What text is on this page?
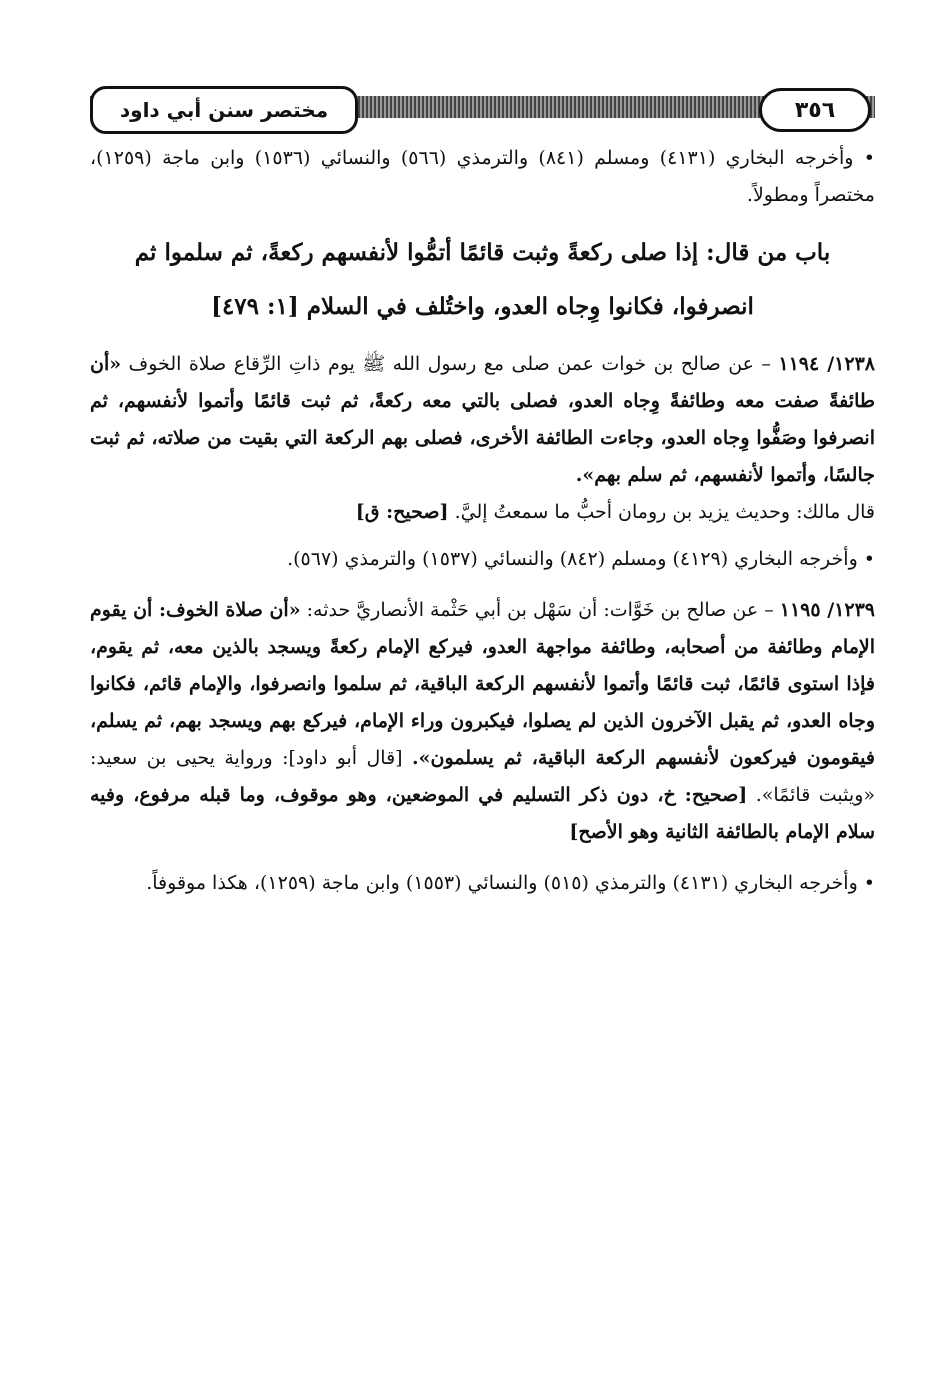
٣٥٦
مختصر سنن أبي داود

• وأخرجه البخاري (٤١٣١) ومسلم (٨٤١) والترمذي (٥٦٦) والنسائي (١٥٣٦) وابن ماجة (١٢٥٩)، مختصراً ومطولاً.

باب من قال: إذا صلى ركعةً وثبت قائمًا أتمُّوا لأنفسهم ركعةً، ثم سلموا ثم انصرفوا، فكانوا وِجاه العدو، واختُلف في السلام [١: ٤٧٩]

١٢٣٨/ ١١٩٤ – عن صالح بن خوات عمن صلى مع رسول الله ﷺ يوم ذاتِ الرِّقاع صلاة الخوف «أن طائفةً صفت معه وطائفةً وِجاه العدو، فصلى بالتي معه ركعةً، ثم ثبت قائمًا وأتموا لأنفسهم، ثم انصرفوا وصَفُّوا وِجاه العدو، وجاءت الطائفة الأخرى، فصلى بهم الركعة التي بقيت من صلاته، ثم ثبت جالسًا، وأتموا لأنفسهم، ثم سلم بهم».

قال مالك: وحديث يزيد بن رومان أحبُّ ما سمعتُ إليَّ. [صحيح: ق]

• وأخرجه البخاري (٤١٢٩) ومسلم (٨٤٢) والنسائي (١٥٣٧) والترمذي (٥٦٧).

١٢٣٩/ ١١٩٥ – عن صالح بن خَوَّات: أن سَهْل بن أبي حَثْمة الأنصاريَّ حدثه: «أن صلاة الخوف: أن يقوم الإمام وطائفة من أصحابه، وطائفة مواجهة العدو، فيركع الإمام ركعةً ويسجد بالذين معه، ثم يقوم، فإذا استوى قائمًا، ثبت قائمًا وأتموا لأنفسهم الركعة الباقية، ثم سلموا وانصرفوا، والإمام قائم، فكانوا وجاه العدو، ثم يقبل الآخرون الذين لم يصلوا، فيكبرون وراء الإمام، فيركع بهم ويسجد بهم، ثم يسلم، فيقومون فيركعون لأنفسهم الركعة الباقية، ثم يسلمون». [قال أبو داود]: ورواية يحيى بن سعيد: «ويثبت قائمًا». [صحيح: خ، دون ذكر التسليم في الموضعين، وهو موقوف، وما قبله مرفوع، وفيه سلام الإمام بالطائفة الثانية وهو الأصح]

• وأخرجه البخاري (٤١٣١) والترمذي (٥١٥) والنسائي (١٥٥٣) وابن ماجة (١٢٥٩)، هكذا موقوفاً.
